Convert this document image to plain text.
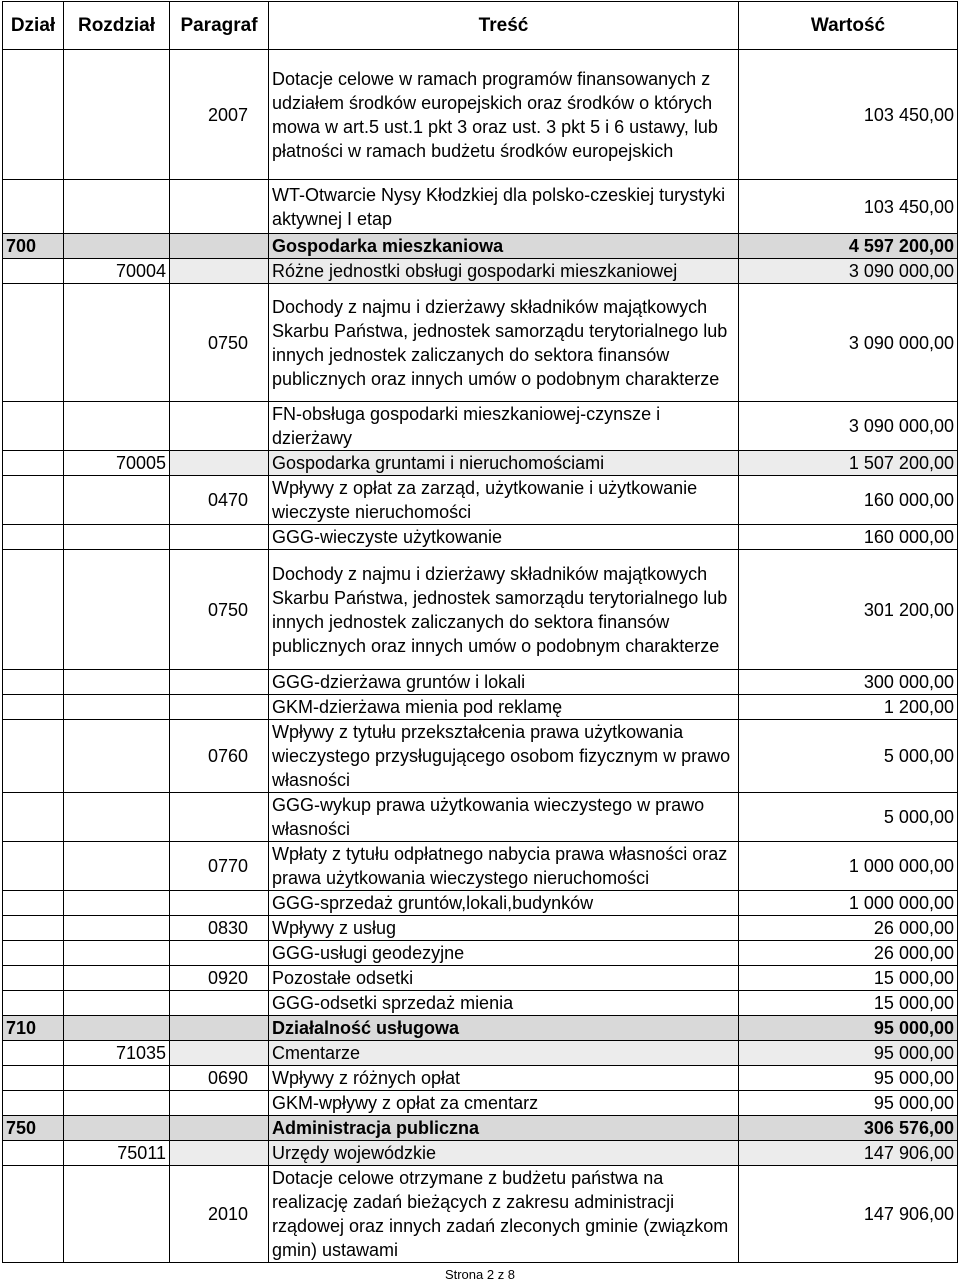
Dział	Rozdział	Paragraf	Treść	Wartość
		2007	Dotacje celowe w ramach programów finansowanych z udziałem środków europejskich oraz środków o których mowa w art.5 ust.1 pkt 3 oraz ust. 3 pkt 5 i 6 ustawy, lub płatności w ramach budżetu środków europejskich	103 450,00
			WT-Otwarcie Nysy Kłodzkiej dla polsko-czeskiej turystyki aktywnej I etap	103 450,00
700			Gospodarka mieszkaniowa	4 597 200,00
	70004		Różne jednostki obsługi gospodarki mieszkaniowej	3 090 000,00
		0750	Dochody z najmu i dzierżawy składników majątkowych Skarbu Państwa, jednostek samorządu terytorialnego lub innych jednostek zaliczanych do sektora finansów publicznych oraz innych umów o podobnym charakterze	3 090 000,00
			FN-obsługa gospodarki mieszkaniowej-czynsze i dzierżawy	3 090 000,00
	70005		Gospodarka gruntami i nieruchomościami	1 507 200,00
		0470	Wpływy z opłat za zarząd, użytkowanie i użytkowanie wieczyste nieruchomości	160 000,00
			GGG-wieczyste użytkowanie	160 000,00
		0750	Dochody z najmu i dzierżawy składników majątkowych Skarbu Państwa, jednostek samorządu terytorialnego lub innych jednostek zaliczanych do sektora finansów publicznych oraz innych umów o podobnym charakterze	301 200,00
			GGG-dzierżawa gruntów i lokali	300 000,00
			GKM-dzierżawa mienia pod reklamę	1 200,00
		0760	Wpływy z tytułu przekształcenia prawa użytkowania wieczystego przysługującego osobom fizycznym w prawo własności	5 000,00
			GGG-wykup prawa użytkowania wieczystego w prawo własności	5 000,00
		0770	Wpłaty z tytułu odpłatnego nabycia prawa własności oraz prawa użytkowania wieczystego nieruchomości	1 000 000,00
			GGG-sprzedaż gruntów,lokali,budynków	1 000 000,00
		0830	Wpływy z usług	26 000,00
			GGG-usługi geodezyjne	26 000,00
		0920	Pozostałe odsetki	15 000,00
			GGG-odsetki sprzedaż mienia	15 000,00
710			Działalność usługowa	95 000,00
	71035		Cmentarze	95 000,00
		0690	Wpływy z różnych opłat	95 000,00
			GKM-wpływy z opłat za cmentarz	95 000,00
750			Administracja publiczna	306 576,00
	75011		Urzędy wojewódzkie	147 906,00
		2010	Dotacje celowe otrzymane z budżetu państwa na realizację zadań bieżących z zakresu administracji rządowej oraz innych zadań zleconych gminie (związkom gmin) ustawami	147 906,00
Strona 2 z 8
